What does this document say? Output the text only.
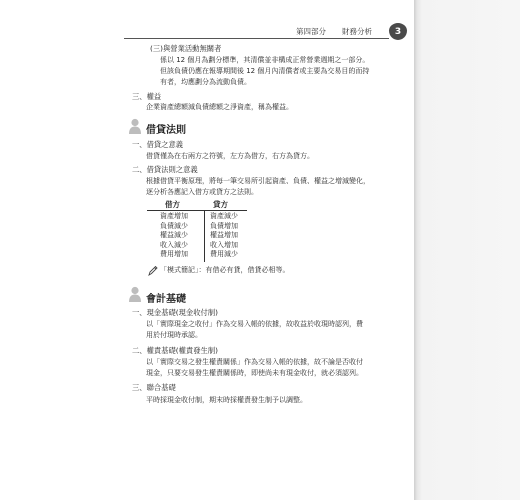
第四部分 財務分析	3
(三)與營業活動無關者
係以 12 個月為劃分標準，其清償並非構成正常營業週期之一部分。
但該負債仍應在報導期間後 12 個月內清償者或主要為交易目的而持
有者，均應劃分為流動負債。
三、權益
企業資產總額減負債總額之淨資產，稱為權益。
借貸法則
一、借貸之意義
借貸僅為在右兩方之符號，左方為借方，右方為貸方。
二、借貸法則之意義
根據借貸平衡原理，將每一筆交易所引起資產、負債、權益之增減變化，
逐分析各應記入借方或貸方之法則。
借方	貸方
資產增加
負債減少
權益減少
收入減少
費用增加
資產減少
負債增加
權益增加
收入增加
費用減少
「模式簡記」：有借必有貸，借貸必相等。
會計基礎
一、現金基礎(現金收付制)
以「實際現金之收付」作為交易入帳的依據，故收益於收現時認列，費
用於付現時承認。
二、權責基礎(權責發生制)
以「實際交易之發生權責關係」作為交易入帳的依據，故不論是否收付
現金，只要交易發生權責關係時，即使尚未有現金收付，就必須認列。
三、聯合基礎
平時採現金收付制，期末時採權責發生制予以調整。
